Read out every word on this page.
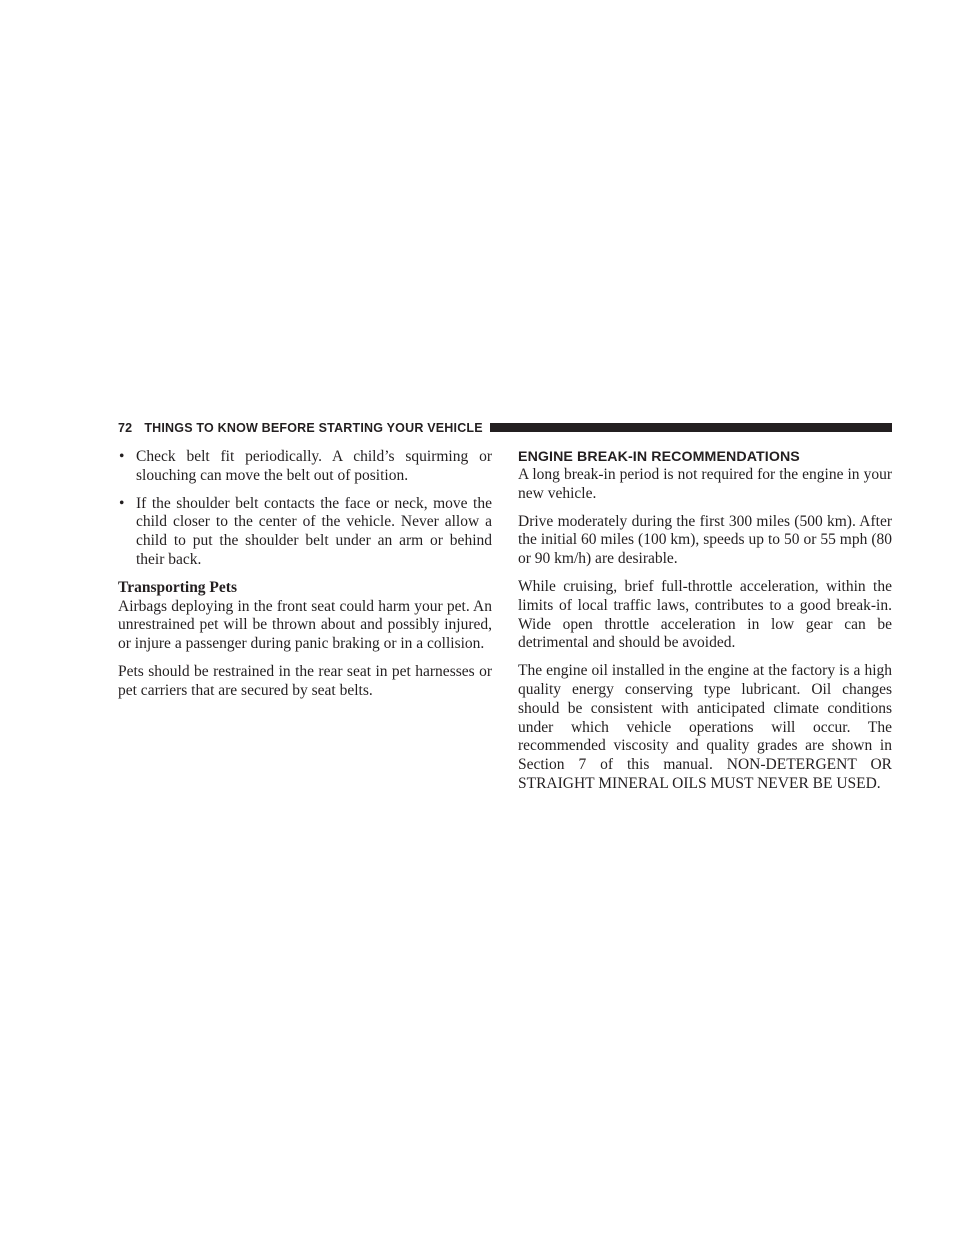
72 THINGS TO KNOW BEFORE STARTING YOUR VEHICLE
• Check belt fit periodically. A child’s squirming or slouching can move the belt out of position.
• If the shoulder belt contacts the face or neck, move the child closer to the center of the vehicle. Never allow a child to put the shoulder belt under an arm or behind their back.

Transporting Pets

Airbags deploying in the front seat could harm your pet. An unrestrained pet will be thrown about and possibly injured, or injure a passenger during panic braking or in a collision.

Pets should be restrained in the rear seat in pet harnesses or pet carriers that are secured by seat belts.

ENGINE BREAK-IN RECOMMENDATIONS

A long break-in period is not required for the engine in your new vehicle.

Drive moderately during the first 300 miles (500 km). After the initial 60 miles (100 km), speeds up to 50 or 55 mph (80 or 90 km/h) are desirable.

While cruising, brief full-throttle acceleration, within the limits of local traffic laws, contributes to a good break-in. Wide open throttle acceleration in low gear can be detrimental and should be avoided.

The engine oil installed in the engine at the factory is a high quality energy conserving type lubricant. Oil changes should be consistent with anticipated climate conditions under which vehicle operations will occur. The recommended viscosity and quality grades are shown in Section 7 of this manual. NON-DETERGENT OR STRAIGHT MINERAL OILS MUST NEVER BE USED.
